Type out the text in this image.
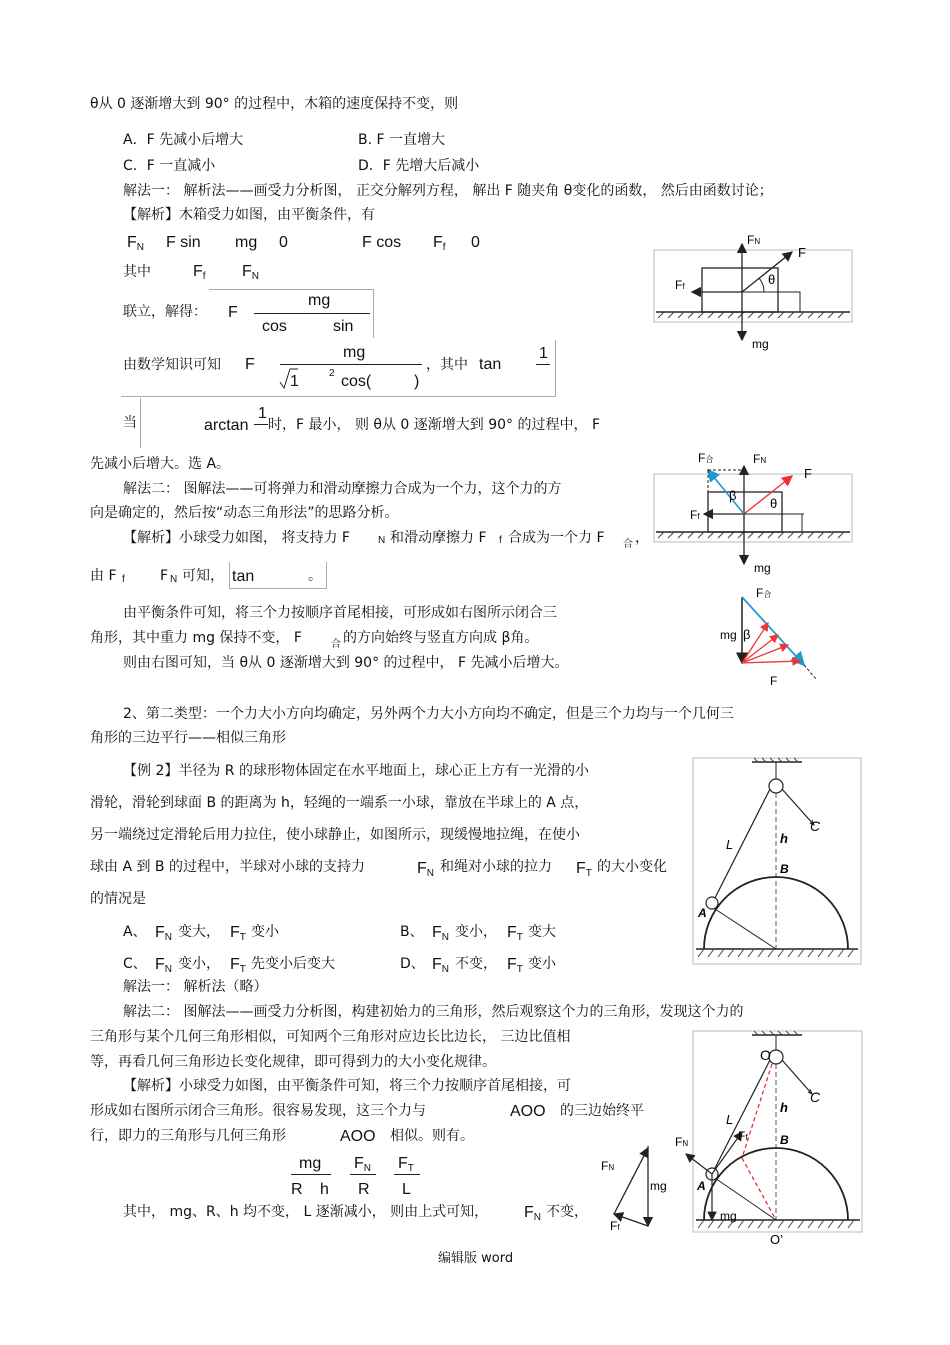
θ从 0 逐渐增大到 90° 的过程中，木箱的速度保持不变，则
A．F 先减小后增大	B. F 一直增大
C．F 一直减小	D．F 先增大后减小
解法一： 解析法——画受力分析图， 正交分解列方程， 解出 F 随夹角 θ变化的函数， 然后由函数讨论；
【解析】木箱受力如图，由平衡条件，有
$F_N$ F sin mg 0	F $\cos F_f$ 0
其中	$F_f$ $F_N$
联立，解得： F
mg
cos	sin
由数学知识可知 F
mg
1	2 cos(	)
，其中 tan
1
当	arctan
1
时，F 最小， 则 θ从 0 逐渐增大到 90° 的过程中， F
先减小后增大。选 A。
解法二： 图解法——可将弹力和滑动摩擦力合成为一个力，这个力的方
向是确定的，然后按“动态三角形法”的思路分析。
【解析】小球受力如图， 将支持力 F	N 和滑动摩擦力 F f 合成为一个力 F 合 ，
由 F f	F N 可知， tan	。
由平衡条件可知，将三个力按顺序首尾相接，可形成如右图所示闭合三
角形，其中重力 mg 保持不变， F	合 的方向始终与竖直方向成 β角。
则由右图可知，当 θ从 0 逐渐增大到 90° 的过程中， F 先减小后增大。
2、第二类型：一个力大小方向均确定，另外两个力大小方向均不确定，但是三个力均与一个几何三
角形的三边平行——相似三角形
【例 2】半径为 R 的球形物体固定在水平地面上，球心正上方有一光滑的小
滑轮，滑轮到球面 B 的距离为 h，轻绳的一端系一小球，靠放在半球上的 A 点，
另一端绕过定滑轮后用力拉住，使小球静止，如图所示，现缓慢地拉绳，在使小
球由 A 到 B 的过程中，半球对小球的支持力	$F_N$ 和绳对小球的拉力 $F_T$ 的大小变化
的情况是
A、 $F_N$ 变大， $F_T$ 变小	B、 $F_N$ 变小， $F_T$ 变大
C、 $F_N$ 变小， $F_T$ 先变小后变大	D、 $F_N$ 不变， $F_T$ 变小
解法一： 解析法（略）
解法二： 图解法——画受力分析图，构建初始力的三角形，然后观察这个力的三角形，发现这个力的
三角形与某个几何三角形相似，可知两个三角形对应边长比边长， 三边比值相
等，再看几何三角形边长变化规律，即可得到力的大小变化规律。
【解析】小球受力如图，由平衡条件可知，将三个力按顺序首尾相接，可
形成如右图所示闭合三角形。很容易发现，这三个力与	AOO 的三边始终平
行，即力的三角形与几何三角形	AOO 相似。则有。
mg
R h
$F_N$
R
$F_T$
L
其中， mg、R、h 均不变， L 逐渐减小， 则由上式可知， $F_N$ 不变，
编辑版 word
FN
F
Ff	θ
mg
F合	FN
F
β
θ
Ff
mg
F合
mg β
F
C
h
L
B
A
O
C
h
L
Ff	B
FN
A
mg
O’
FN
mg
Ff
